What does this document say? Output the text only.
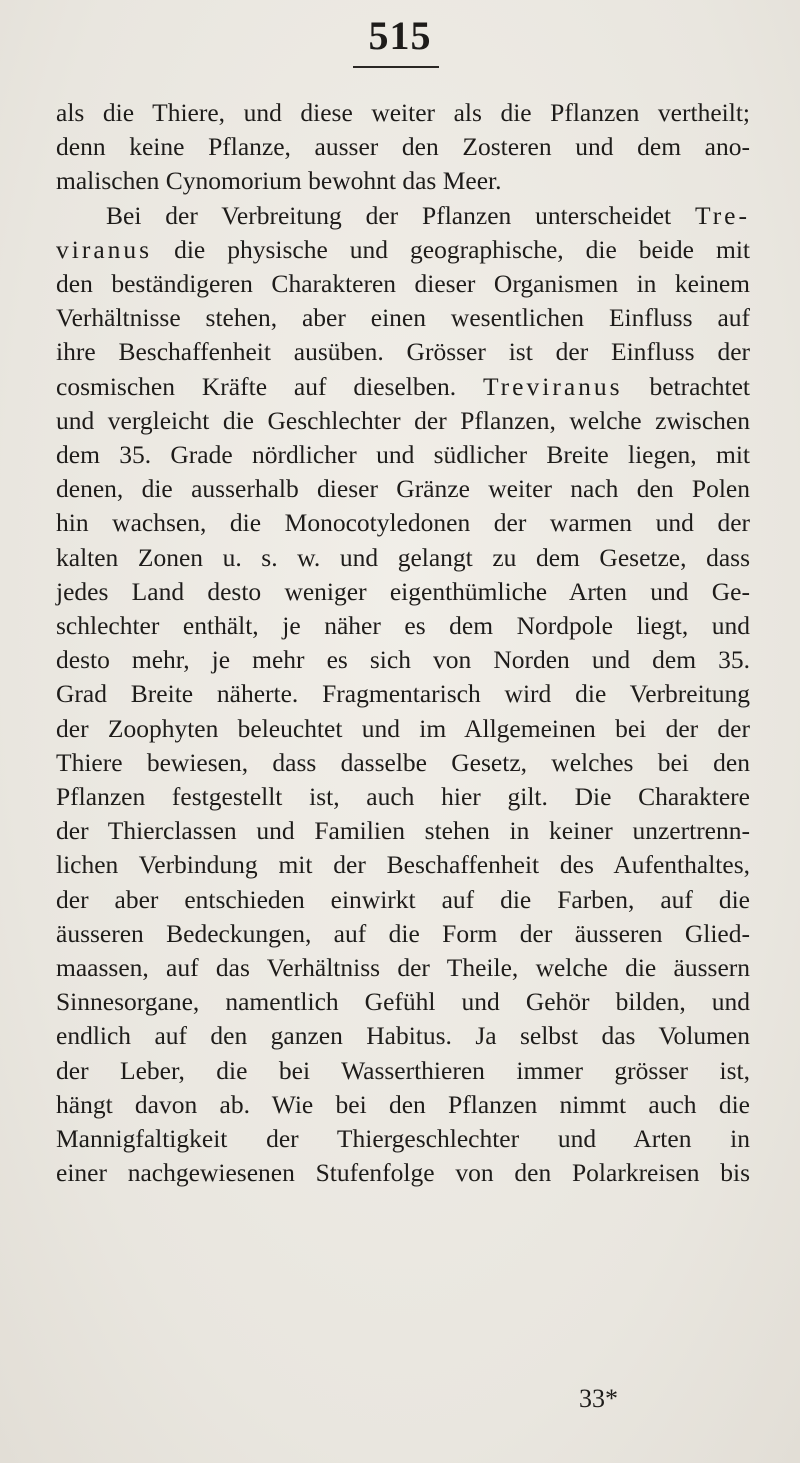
515
als die Thiere, und diese weiter als die Pflanzen vertheilt;
denn keine Pflanze, ausser den Zosteren und dem ano-
malischen Cynomorium bewohnt das Meer.
Bei der Verbreitung der Pflanzen unterscheidet Tre-
viranus die physische und geographische, die beide mit
den beständigeren Charakteren dieser Organismen in keinem
Verhältnisse stehen, aber einen wesentlichen Einfluss auf
ihre Beschaffenheit ausüben. Grösser ist der Einfluss der
cosmischen Kräfte auf dieselben. Treviranus betrachtet
und vergleicht die Geschlechter der Pflanzen, welche zwischen
dem 35. Grade nördlicher und südlicher Breite liegen, mit
denen, die ausserhalb dieser Gränze weiter nach den Polen
hin wachsen, die Monocotyledonen der warmen und der
kalten Zonen u. s. w. und gelangt zu dem Gesetze, dass
jedes Land desto weniger eigenthümliche Arten und Ge-
schlechter enthält, je näher es dem Nordpole liegt, und
desto mehr, je mehr es sich von Norden und dem 35.
Grad Breite näherte. Fragmentarisch wird die Verbreitung
der Zoophyten beleuchtet und im Allgemeinen bei der der
Thiere bewiesen, dass dasselbe Gesetz, welches bei den
Pflanzen festgestellt ist, auch hier gilt. Die Charaktere
der Thierclassen und Familien stehen in keiner unzertrenn-
lichen Verbindung mit der Beschaffenheit des Aufenthaltes,
der aber entschieden einwirkt auf die Farben, auf die
äusseren Bedeckungen, auf die Form der äusseren Glied-
maassen, auf das Verhältniss der Theile, welche die äussern
Sinnesorgane, namentlich Gefühl und Gehör bilden, und
endlich auf den ganzen Habitus. Ja selbst das Volumen
der Leber, die bei Wasserthieren immer grösser ist,
hängt davon ab. Wie bei den Pflanzen nimmt auch die
Mannigfaltigkeit der Thiergeschlechter und Arten in
einer nachgewiesenen Stufenfolge von den Polarkreisen bis
33*
